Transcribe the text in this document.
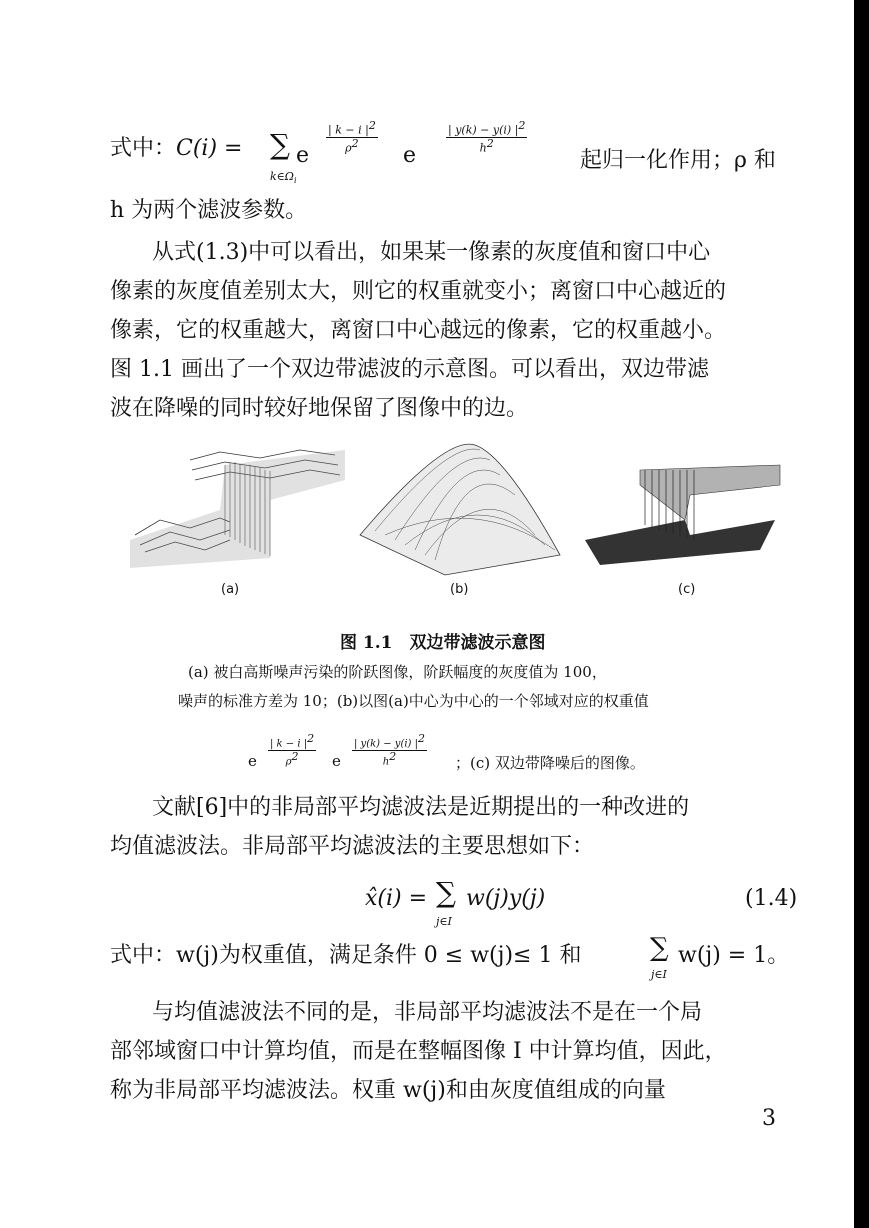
式中：C(i) = ∑
$k\in\Omega_i$
e
$\frac{| k - i |^2}{\rho^2}$
e
$\frac{| y(k) - y(i) |^2}{h^2}$
起归一化作用；ρ 和
h 为两个滤波参数。
从式(1.3)中可以看出，如果某一像素的灰度值和窗口中心
像素的灰度值差别太大，则它的权重就变小；离窗口中心越近的
像素，它的权重越大，离窗口中心越远的像素，它的权重越小。
图 1.1 画出了一个双边带滤波的示意图。可以看出，双边带滤
波在降噪的同时较好地保留了图像中的边。
(a)	(b)	(c)
图 1.1　双边带滤波示意图
(a) 被白高斯噪声污染的阶跃图像，阶跃幅度的灰度值为 100，
噪声的标准方差为 10；(b)以图(a)中心为中心的一个邻域对应的权重值
e $\frac{| k - i |^2}{\rho^2}$ e $\frac{| y(k) - y(i) |^2}{h^2}$ ；(c) 双边带降噪后的图像。
文献[6]中的非局部平均滤波法是近期提出的一种改进的
均值滤波法。非局部平均滤波法的主要思想如下：
x̂(i) = ∑
j∈I
w(j)y(j)	(1.4)
式中：w(j)为权重值，满足条件 0 ≤ w(j)≤ 1 和	∑
j∈I
w(j) = 1。
与均值滤波法不同的是，非局部平均滤波法不是在一个局
部邻域窗口中计算均值，而是在整幅图像 I 中计算均值，因此，
称为非局部平均滤波法。权重 w(j)和由灰度值组成的向量
3
